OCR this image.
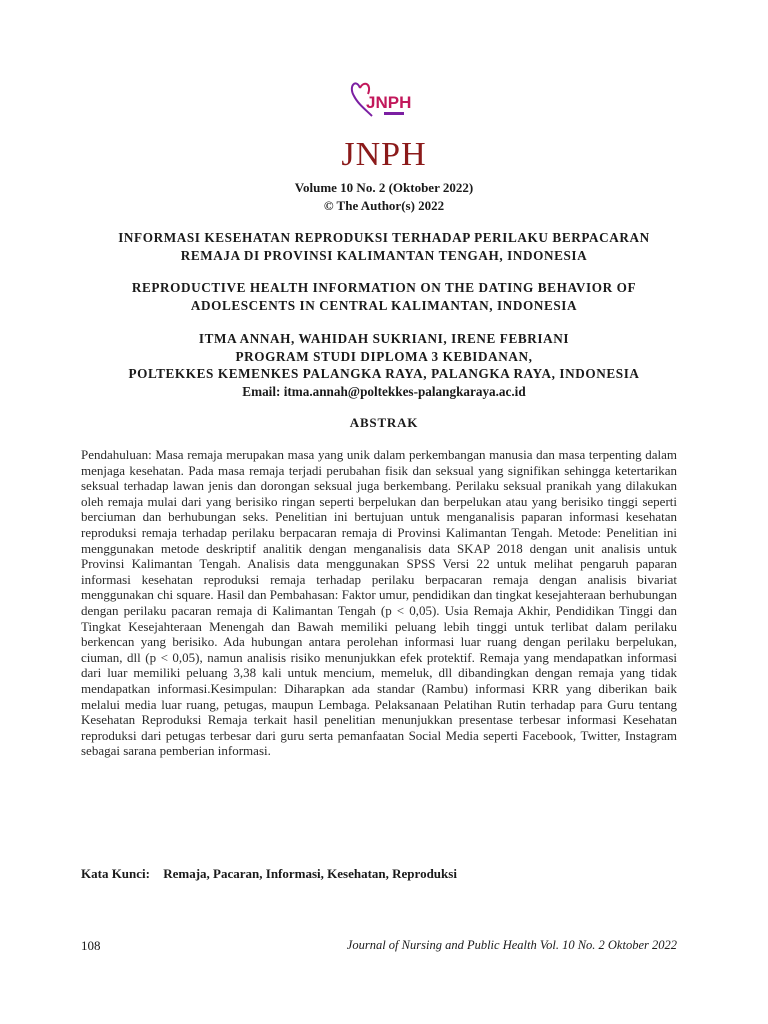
JNPH
JNPH
Volume 10 No. 2 (Oktober 2022)
© The Author(s) 2022
INFORMASI KESEHATAN REPRODUKSI TERHADAP PERILAKU BERPACARAN
REMAJA DI PROVINSI KALIMANTAN TENGAH, INDONESIA
REPRODUCTIVE HEALTH INFORMATION ON THE DATING BEHAVIOR OF
ADOLESCENTS IN CENTRAL KALIMANTAN, INDONESIA
ITMA ANNAH, WAHIDAH SUKRIANI, IRENE FEBRIANI
PROGRAM STUDI DIPLOMA 3 KEBIDANAN,
POLTEKKES KEMENKES PALANGKA RAYA, PALANGKA RAYA, INDONESIA
Email: itma.annah@poltekkes-palangkaraya.ac.id
ABSTRAK
Pendahuluan: Masa remaja merupakan masa yang unik dalam perkembangan manusia dan masa terpenting dalam menjaga kesehatan. Pada masa remaja terjadi perubahan fisik dan seksual yang signifikan sehingga ketertarikan seksual terhadap lawan jenis dan dorongan seksual juga berkembang. Perilaku seksual pranikah yang dilakukan oleh remaja mulai dari yang berisiko ringan seperti berpelukan dan berpelukan atau yang berisiko tinggi seperti berciuman dan berhubungan seks. Penelitian ini bertujuan untuk menganalisis paparan informasi kesehatan reproduksi remaja terhadap perilaku berpacaran remaja di Provinsi Kalimantan Tengah. Metode: Penelitian ini menggunakan metode deskriptif analitik dengan menganalisis data SKAP 2018 dengan unit analisis untuk Provinsi Kalimantan Tengah. Analisis data menggunakan SPSS Versi 22 untuk melihat pengaruh paparan informasi kesehatan reproduksi remaja terhadap perilaku berpacaran remaja dengan analisis bivariat menggunakan chi square. Hasil dan Pembahasan: Faktor umur, pendidikan dan tingkat kesejahteraan berhubungan dengan perilaku pacaran remaja di Kalimantan Tengah (p < 0,05). Usia Remaja Akhir, Pendidikan Tinggi dan Tingkat Kesejahteraan Menengah dan Bawah memiliki peluang lebih tinggi untuk terlibat dalam perilaku berkencan yang berisiko. Ada hubungan antara perolehan informasi luar ruang dengan perilaku berpelukan, ciuman, dll (p < 0,05), namun analisis risiko menunjukkan efek protektif. Remaja yang mendapatkan informasi dari luar memiliki peluang 3,38 kali untuk mencium, memeluk, dll dibandingkan dengan remaja yang tidak mendapatkan informasi.Kesimpulan: Diharapkan ada standar (Rambu) informasi KRR yang diberikan baik melalui media luar ruang, petugas, maupun Lembaga. Pelaksanaan Pelatihan Rutin terhadap para Guru tentang Kesehatan Reproduksi Remaja terkait hasil penelitian menunjukkan presentase terbesar informasi Kesehatan reproduksi dari petugas terbesar dari guru serta pemanfaatan Social Media seperti Facebook, Twitter, Instagram sebagai sarana pemberian informasi.
Kata Kunci: Remaja, Pacaran, Informasi, Kesehatan, Reproduksi
108	Journal of Nursing and Public Health Vol. 10 No. 2 Oktober 2022
